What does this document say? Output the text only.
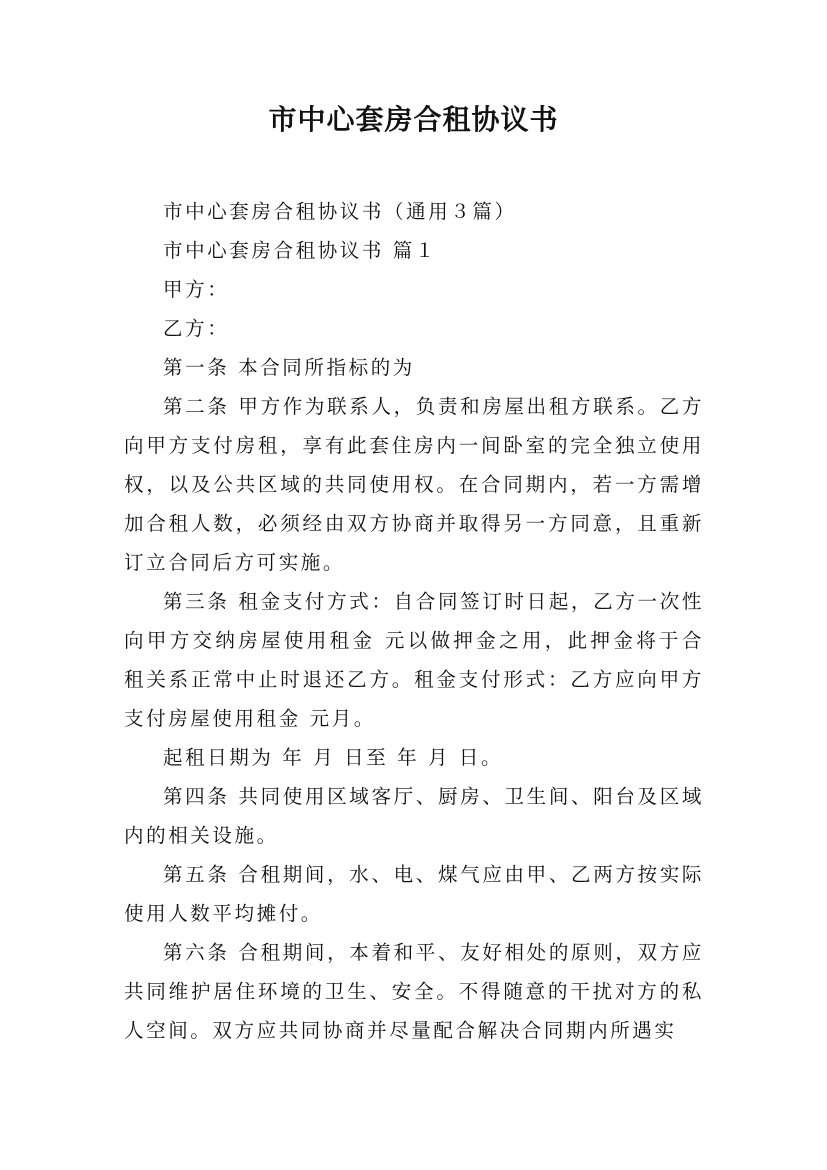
市中心套房合租协议书

市中心套房合租协议书（通用３篇）

市中心套房合租协议书 篇１

甲方：

乙方：

第一条 本合同所指标的为

第二条 甲方作为联系人，负责和房屋出租方联系。乙方向甲方支付房租，享有此套住房内一间卧室的完全独立使用权，以及公共区域的共同使用权。在合同期内，若一方需增加合租人数，必须经由双方协商并取得另一方同意，且重新订立合同后方可实施。

第三条 租金支付方式：自合同签订时日起，乙方一次性向甲方交纳房屋使用租金 元以做押金之用，此押金将于合租关系正常中止时退还乙方。租金支付形式：乙方应向甲方支付房屋使用租金 元月。

起租日期为 年 月 日至 年 月 日。

第四条 共同使用区域客厅、厨房、卫生间、阳台及区域内的相关设施。

第五条 合租期间，水、电、煤气应由甲、乙两方按实际使用人数平均摊付。

第六条 合租期间，本着和平、友好相处的原则，双方应共同维护居住环境的卫生、安全。不得随意的干扰对方的私人空间。双方应共同协商并尽量配合解决合同期内所遇实
